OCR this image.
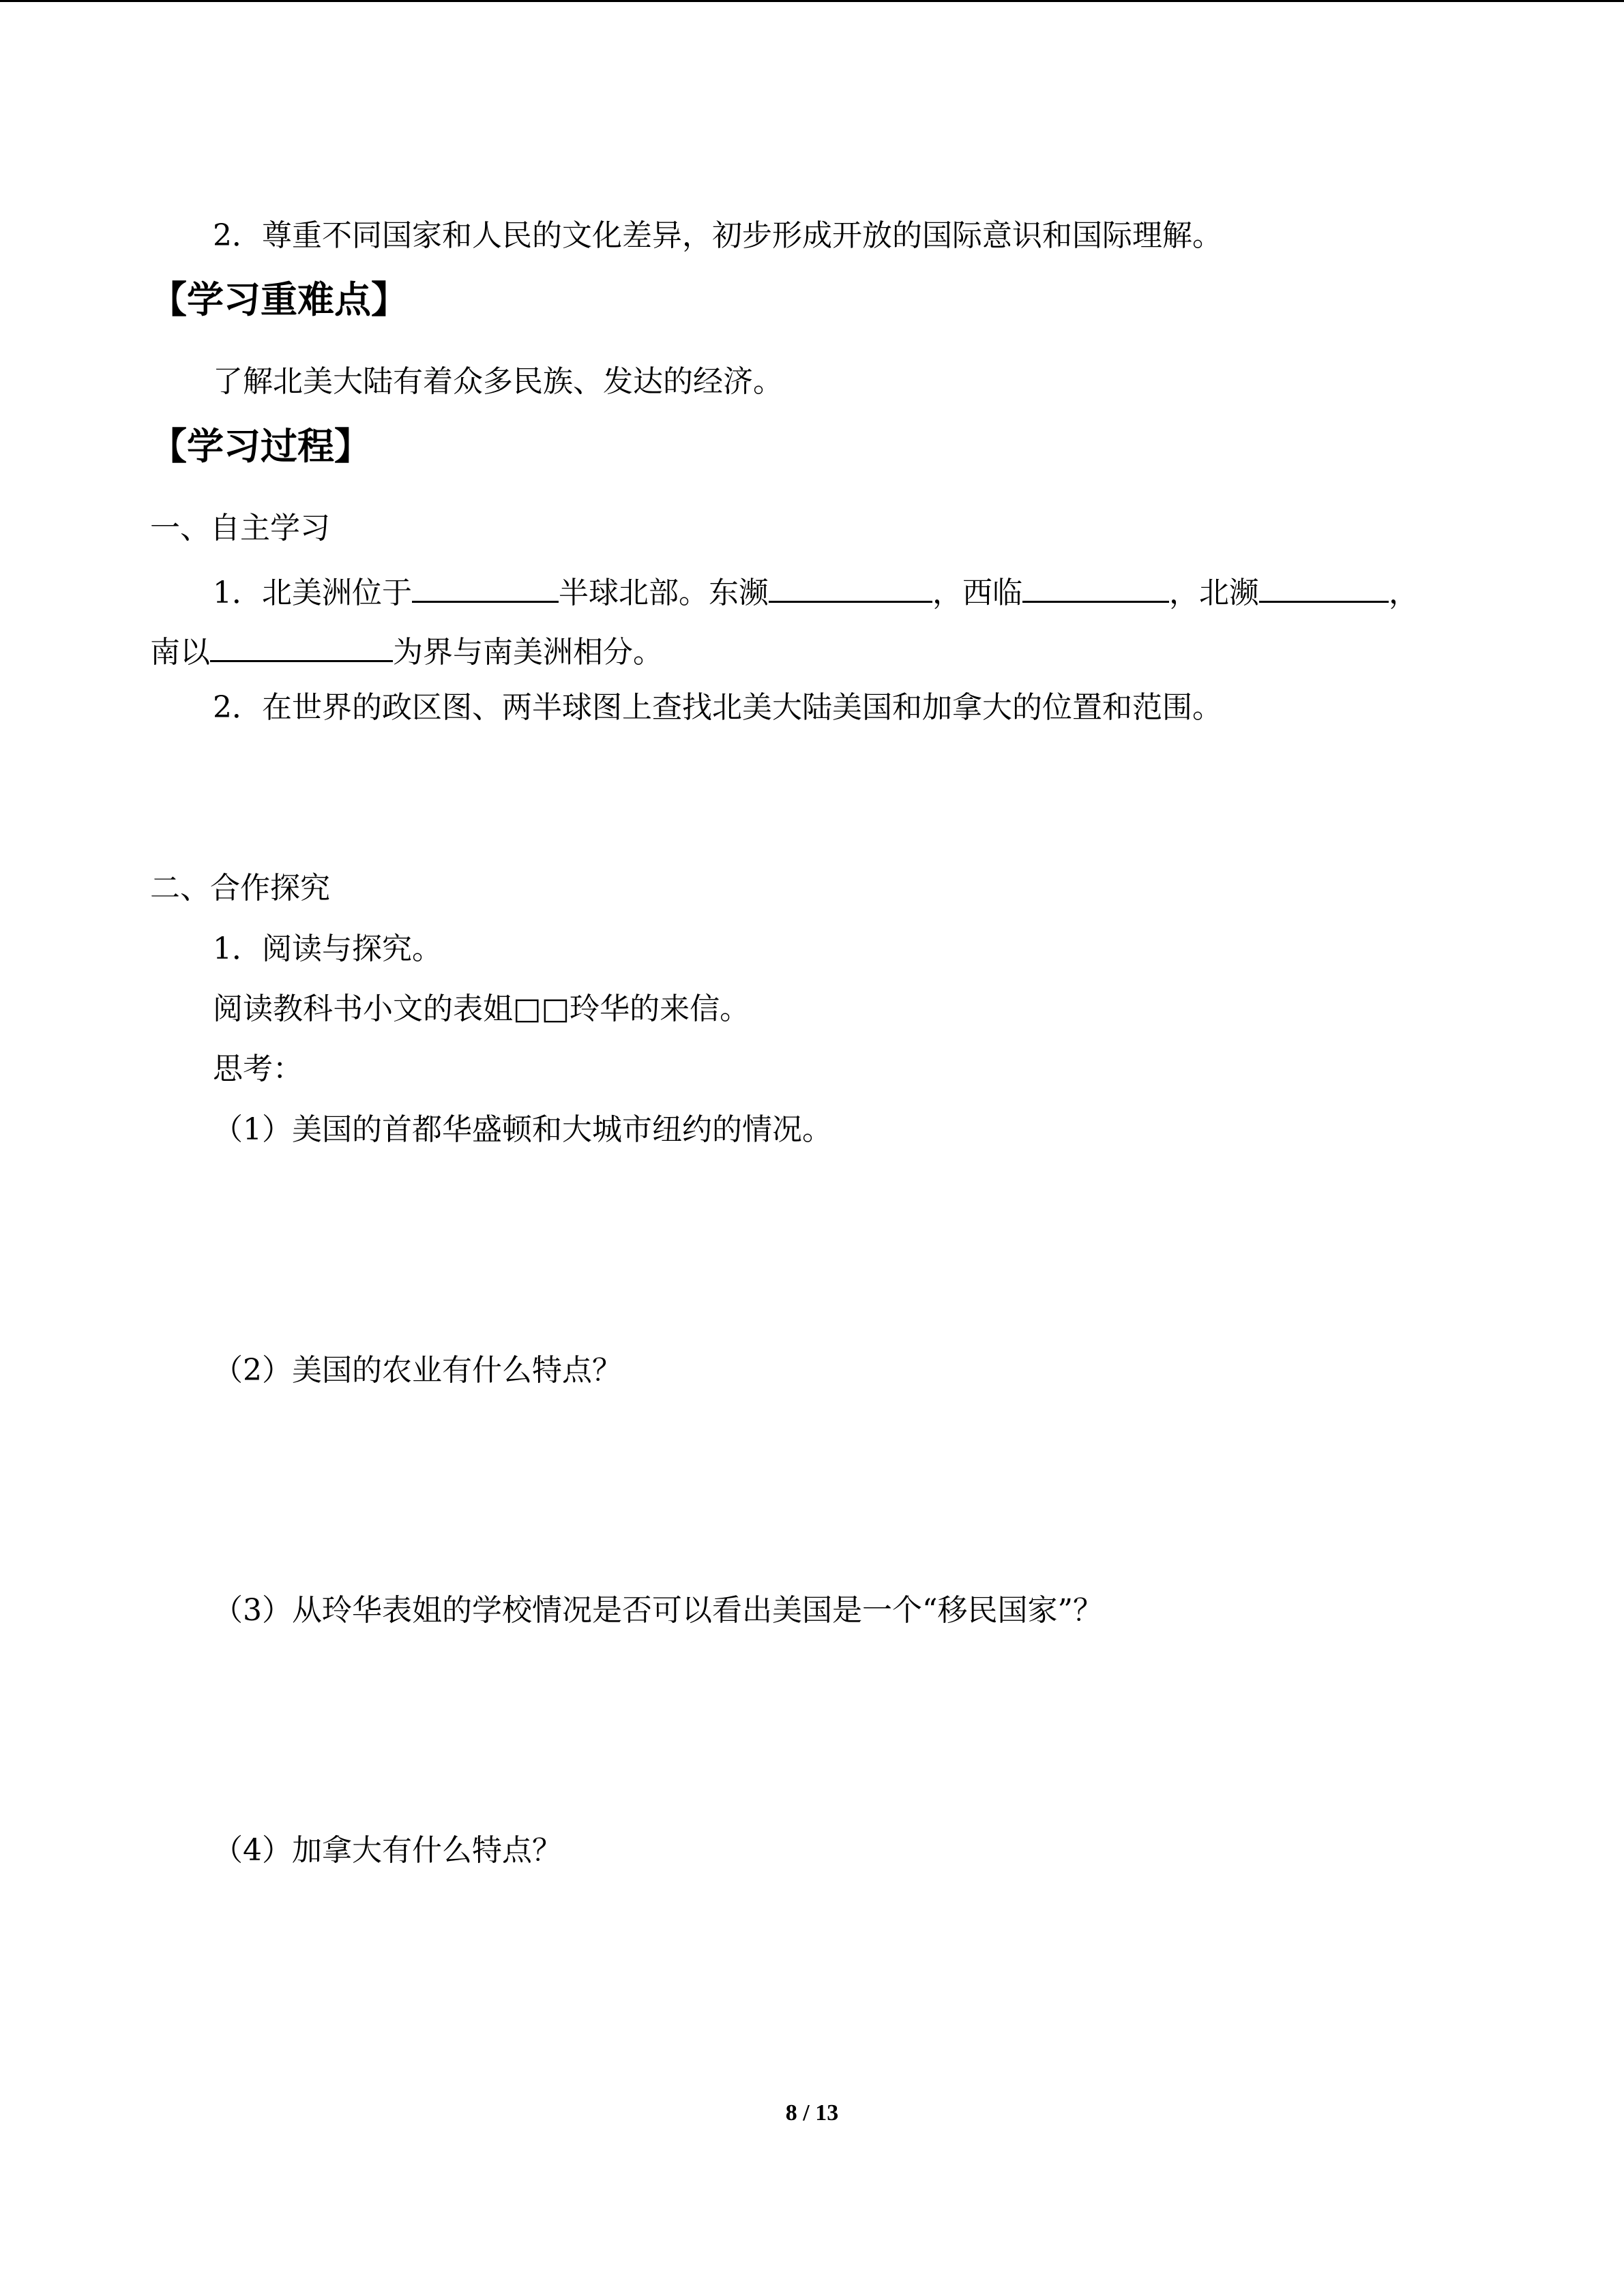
2．尊重不同国家和人民的文化差异，初步形成开放的国际意识和国际理解。
【学习重难点】
了解北美大陆有着众多民族、发达的经济。
【学习过程】
一、自主学习
1．北美洲位于	半球北部。东濒	，西临	，北濒	，
南以	为界与南美洲相分。
2．在世界的政区图、两半球图上查找北美大陆美国和加拿大的位置和范围。
二、合作探究
1．阅读与探究。
阅读教科书小文的表姐□□玲华的来信。
思考：
（1）美国的首都华盛顿和大城市纽约的情况。
（2）美国的农业有什么特点？
（3）从玲华表姐的学校情况是否可以看出美国是一个“移民国家”？
（4）加拿大有什么特点？
8 / 13
